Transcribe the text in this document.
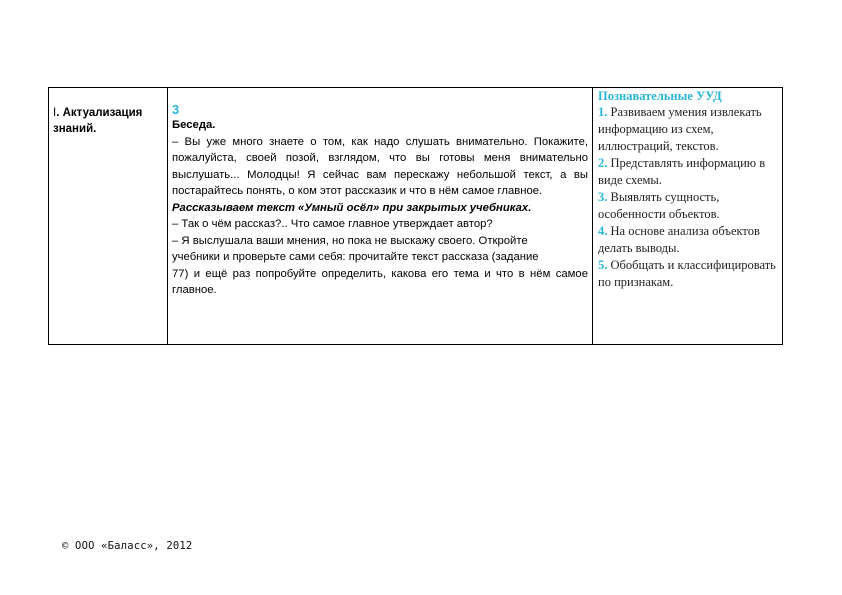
I. Актуализация
знаний.
3

Беседа.

– Вы уже много знаете о том, как надо слушать внимательно. Покажите, пожалуйста, своей позой, взглядом, что вы готовы меня внимательно выслушать... Молодцы! Я сейчас вам перескажу небольшой текст, а вы постарайтесь понять, о ком этот рассказик и что в нём самое главное.

Рассказываем текст «Умный осёл» при закрытых учебниках.

– Так о чём рассказ?.. Что самое главное утверждает автор?

– Я выслушала ваши мнения, но пока не выскажу своего. Откройте

учебники и проверьте сами себя: прочитайте текст рассказа (задание

77) и ещё раз попробуйте определить, какова его тема и что в нём самое главное.

Познавательные УУД
1. Развиваем умения извлекать информацию из схем, иллюстраций, текстов.
2. Представлять информацию в виде схемы.
3. Выявлять сущность, особенности объектов.
4. На основе анализа объектов делать выводы.
5. Обобщать и классифицировать по признакам.
© ООО «Баласс», 2012
